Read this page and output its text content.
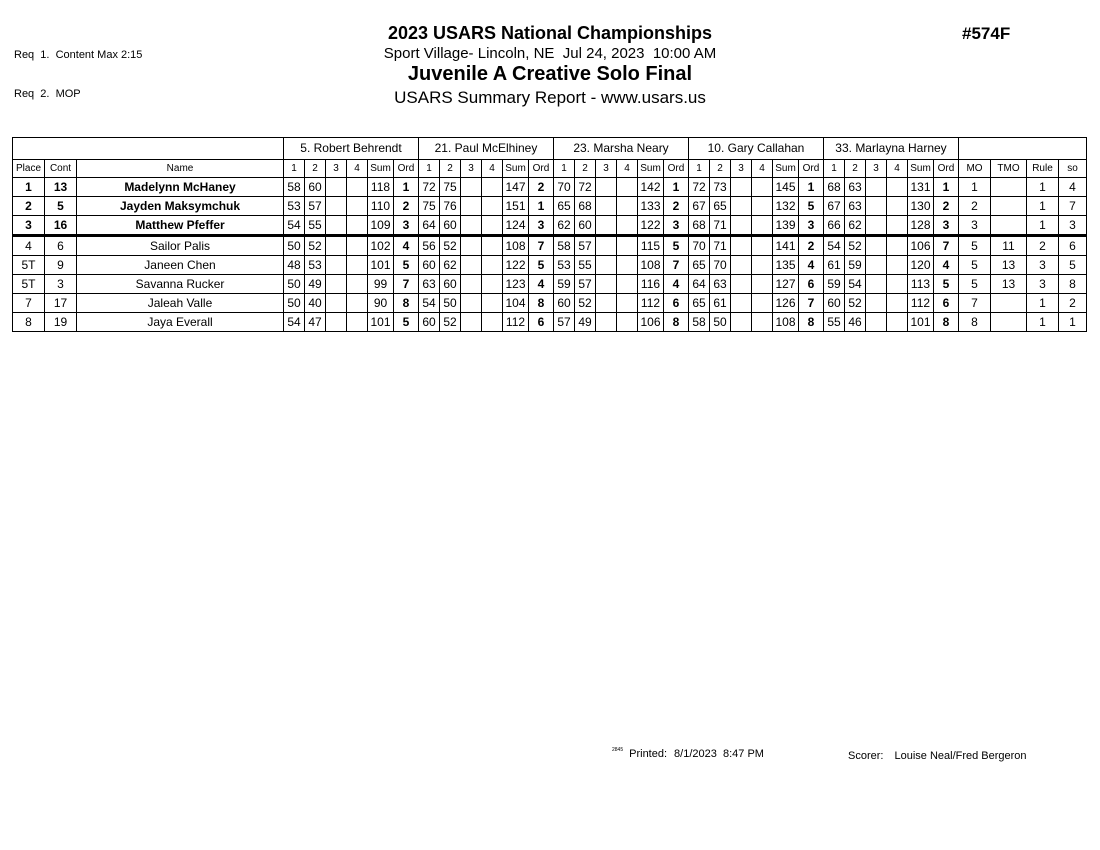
Req  1.  Content Max 2:15

Req  2.  MOP

2023 USARS National Championships
Sport Village- Lincoln, NE  Jul 24, 2023  10:00 AM
Juvenile A Creative Solo Final
USARS Summary Report - www.usars.us
#574F
			5. Robert Behrendt						21. Paul McElhiney						23. Marsha Neary						10. Gary Callahan						33. Marlayna Harney									
Place	Cont	Name	1	2	3	4	Sum	Ord	1	2	3	4	Sum	Ord	1	2	3	4	Sum	Ord	1	2	3	4	Sum	Ord	1	2	3	4	Sum	Ord	MO	TMO	Rule	so
1	13	Madelynn McHaney	58	60			118	1	72	75			147	2	70	72			142	1	72	73			145	1	68	63			131	1	1		1	4
2	5	Jayden Maksymchuk	53	57			110	2	75	76			151	1	65	68			133	2	67	65			132	5	67	63			130	2	2		1	7
3	16	Matthew Pfeffer	54	55			109	3	64	60			124	3	62	60			122	3	68	71			139	3	66	62			128	3	3		1	3
4	6	Sailor Palis	50	52			102	4	56	52			108	7	58	57			115	5	70	71			141	2	54	52			106	7	5	11	2	6
5T	9	Janeen Chen	48	53			101	5	60	62			122	5	53	55			108	7	65	70			135	4	61	59			120	4	5	13	3	5
5T	3	Savanna Rucker	50	49			99	7	63	60			123	4	59	57			116	4	64	63			127	6	59	54			113	5	5	13	3	8
7	17	Jaleah Valle	50	40			90	8	54	50			104	8	60	52			112	6	65	61			126	7	60	52			112	6	7		1	2
8	19	Jaya Everall	54	47			101	5	60	52			112	6	57	49			106	8	58	50			108	8	55	46			101	8	8		1	1
$^{2845}$ Printed: 8/1/2023  8:47 PM	Scorer: Louise Neal/Fred Bergeron
